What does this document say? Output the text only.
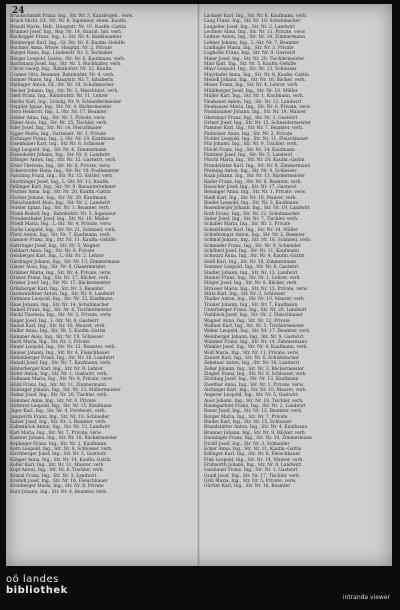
24

Bruckschmidt Franz, Ing., Str. Nr. 3, Kanzleigeh., verw.

Bruck Michl, Gf., Str. Nr. 8, Ingenieur, ehem. Kaufm.

Brandl Maria, Hsfr., Hauptstr. Nr. 10, Kaufm.-Gattin

Brunner Josef, Ing., Rsp. Nr. 14, Baurat, Ind. verh.

Buchegger Franz, Ing., L.-Str. Nr. 4, Bankbeamter

Bumberger Karl, Ing., Gr. Str. Nr. 6, Kaufm.-Gehilfe

Buchner Anna, Witwe, Hauptpl. Nr. 2, Private

Burger Hans, Ing., Lindenstr. Nr. 3, Techniker

Bürger Leopold, Gastw., Str. Nr. 6, Kaufmann, verh.

Bachmann Josef, Ing., Str. Nr. 5, Buchhalter, verh.

Christ Georg, Ing., Bahnhofstr. Nr. 22, Kaufm.

Cramer Otto, Beamter, Bahnhofstr. Nr. 4, verh.

Danner Marie, Ing., Hauptstr. Nr. 7, Inhaberin

Dallinger Anton, Gf., Str. Nr. 18, Schuhmacher

Decker Johann, Ing., Str. Nr. 2, Maschinist, verh.

Dietl Franz, Ing., Bahnhofstr. Nr. 11, Lehrer

Dorfer Karl, Ing., Schulg. Nr. 9, Schneidermeister

Doppler Ignaz, Ing., Str. Nr. 4, Bäckermeister

Dorn Heinrich, Ing., L.-Str. Nr. 17, Beamter

Dobler Anna, Ing., Str. Nr. 3, Private, verw.

Ebner Alois, Ing., Str. Nr. 25, Tischler, verh.

Eder Josef, Ing., Str. Nr. 14, Fleischhauer

Egger Maria, Ing., Gartenstr. Nr. 3, Private

Eichinger Franz, Ing., L.-Str. Nr. 19, Kaufmann

Eisenhuber Karl, Ing., Str. Nr. 8, Schlosser

Engl Leopold, Ing., Str. Nr. 4, Zimmermann

Enzenhofer Johann, Ing., Str. Nr. 8, Landwirt

Erlinger Anton, Ing., Str. Nr. 12, Gastwirt, verh.

Ernst Theresia, Ing., Str. Nr. 6, Private, verw.

Eckerstorfer Hans, Ing., Str. Nr. 10, Postbeamter

Fasching Franz, Ing., Str. Nr. 15, Sattler, verh.

Feichtinger Josef, Ing., L.-Str. Nr. 12, Kaufm.

Fellinger Karl, Ing., Str. Nr. 9, Bauunternehmer

Fischer Anna, Ing., Str. Nr. 20, Kaufm.-Gattin

Fischer Johann, Ing., Str. Nr. 20, Kaufmann

Fleischanderl Alois, Ing., Str. Nr. 2, Landwirt

Forster Ignaz, Ing., Str. Nr. 1, Beamter, verh.

Frank Rudolf, Ing., Bahnhofstr. Nr. 3, Ingenieur

Freudenthaler Josef, Ing., Str. Nr. 16, Müller

Friedl Maria, Ing., L.-Str. Nr. 4, Private, verw.

Fuchs Leopold, Ing., Str. Nr. 21, Schmied, verh.

Fürst Anton, Ing., Str. Nr. 7, Kaufmann, verh.

Gassner Franz, Ing., Str. Nr. 11, Kaufm.-Gehilfe

Gattringer Josef, Ing., Str. Nr. 5, Wagner

Gebhart Anna, Ing., Str. Nr. 6, Private

Geisberger Karl, Ing., L.-Str. Nr. 2, Lehrer

Gierlinger Johann, Ing., Str. Nr. 13, Zimmermann

Glaser Alois, Ing., Str. Nr. 8, Glasermeister

Grabner Maria, Ing., Str. Nr. 4, Private, verw.

Gruber Franz, Ing., Str. Nr. 17, Bäcker, verh.

Gruber Josef, Ing., Str. Nr. 17, Bäckermeister

Grünberger Karl, Ing., Str. Nr. 3, Beamter

Gschwandtner Anton, Ing., Str. Nr. 9, Landwirt

Gutmann Leopold, Ing., Str. Nr. 22, Kaufmann

Haas Johann, Ing., Str. Nr. 14, Schuhmacher

Haberl Franz, Ing., Str. Nr. 6, Tischlermeister

Hackl Theresia, Ing., Str. Nr. 2, Private, verw.

Hager Josef, Ing., L.-Str. Nr. 8, Gastwirt

Hainzl Karl, Ing., Str. Nr. 10, Maurer, verh.

Haller Anna, Ing., Str. Nr. 5, Kaufm.-Gattin

Hammer Alois, Ing., Str. Nr. 19, Schlosser

Hartl Maria, Ing., Str. Nr. 3, Private

Hauer Leopold, Ing., Str. Nr. 12, Beamter, verh.

Hauser Johann, Ing., Str. Nr. 4, Fleischhauer

Hehenberger Franz, Ing., Str. Nr. 16, Landwirt

Heindl Josef, Ing., Str. Nr. 7, Kaufmann, verh.

Hinterberger Karl, Ing., Str. Nr. 9, Lehrer

Hofer Anton, Ing., Str. Nr. 1, Gastwirt, verh.

Hofmann Maria, Ing., Str. Nr. 8, Private, verw.

Hölzl Franz, Ing., Str. Nr. 11, Zimmermann

Holzinger Johann, Ing., Str. Nr. 13, Müllermeister

Huber Josef, Ing., Str. Nr. 20, Tischler, verh.

Hummer Anna, Ing., Str. Nr. 6, Private

Hutterer Leopold, Ing., Str. Nr. 15, Kaufmann

Jäger Karl, Ing., Str. Nr. 4, Forstwart, verh.

Jungwirth Franz, Ing., Str. Nr. 10, Schneider

Kaiser Josef, Ing., Str. Nr. 3, Beamter, verh.

Kaltenböck Anton, Ing., Str. Nr. 12, Landwirt

Karl Maria, Ing., Str. Nr. 7, Private, verw.

Kastner Johann, Ing., Str. Nr. 18, Bäckermeister

Keplinger Franz, Ing., Str. Nr. 2, Kaufmann

Kern Leopold, Ing., Str. Nr. 9, Schlosser, verh.

Kirchberger Josef, Ing., Str. Nr. 5, Gastwirt

Klinger Anna, Ing., Str. Nr. 14, Kaufm.-Gattin

Koller Karl, Ing., Str. Nr. 11, Maurer, verh.

Kopf Anton, Ing., Str. Nr. 6, Tischler, verh.

Kranzl Franz, Ing., Str. Nr. 3, Landwirt

Kreindl Josef, Ing., Str. Nr. 16, Fleischhauer

Kronberger Maria, Ing., Str. Nr. 8, Private

Kurz Johann, Ing., Str. Nr. 4, Beamter, verh.

Lackner Karl, Ing., Str. Nr. 6, Kaufmann, verh.

Lang Franz, Ing., Str. Nr. 19, Schuhmacher

Langeder Josef, Ing., Str. Nr. 2, Landwirt

Lechner Anna, Ing., Str. Nr. 11, Private, verw.

Leitner Anton, Ing., Str. Nr. 14, Zimmermann

Lehner Johann, Ing., L.-Str. Nr. 7, Beamter

Lindinger Maria, Ing., Str. Nr. 3, Private

Lughofer Franz, Ing., Str. Nr. 9, Gastwirt

Maier Josef, Ing., Str. Nr. 20, Tischlermeister

Mair Karl, Ing., Str. Nr. 5, Kaufm.-Gehilfe

Mayr Leopold, Ing., Str. Nr. 13, Schlosser

Mayrhofer Anna, Ing., Str. Nr. 8, Kaufm.-Gattin

Meindl Johann, Ing., Str. Nr. 16, Bäcker, verh.

Moser Franz, Ing., Str. Nr. 4, Lehrer, verh.

Mühlberger Josef, Ing., Str. Nr. 10, Müller

Müller Karl, Ing., Str. Nr. 1, Kaufmann, verh.

Neubauer Anton, Ing., Str. Nr. 12, Landwirt

Neuhauser Maria, Ing., Str. Nr. 6, Private, verw.

Nussbaumer Johann, Ing., Str. Nr. 18, Maurer

Obermayr Franz, Ing., Str. Nr. 3, Gastwirt

Ortner Josef, Ing., Str. Nr. 15, Schneidermeister

Pammer Karl, Ing., Str. Nr. 7, Beamter, verh.

Panholzer Anna, Ing., Str. Nr. 2, Private

Pichler Leopold, Ing., Str. Nr. 11, Fleischhauer

Pilz Johann, Ing., Str. Nr. 9, Tischler, verh.

Plöchl Franz, Ing., Str. Nr. 14, Kaufmann

Pointner Josef, Ing., Str. Nr. 5, Landwirt

Pöschl Maria, Ing., Str. Nr. 20, Kaufm.-Gattin

Prandstätter Karl, Ing., Str. Nr. 8, Zimmermann

Preining Anton, Ing., Str. Nr. 4, Schlosser

Raab Johann, Ing., Str. Nr. 13, Bäckermeister

Rader Franz, Ing., Str. Nr. 6, Beamter, verh.

Rauscher Josef, Ing., Str. Nr. 17, Gastwirt

Reisinger Anna, Ing., Str. Nr. 1, Private, verw.

Riedl Karl, Ing., Str. Nr. 10, Maurer, verh.

Rieder Leopold, Ing., Str. Nr. 3, Kaufmann

Rosenberger Johann, Ing., Str. Nr. 19, Landwirt

Roth Franz, Ing., Str. Nr. 12, Schuhmacher

Sailer Josef, Ing., Str. Nr. 7, Tischler, verh.

Schaller Maria, Ing., Str. Nr. 5, Private

Scheiblhofer Karl, Ing., Str. Nr. 14, Müller

Schiefermayr Anton, Ing., Str. Nr. 2, Beamter

Schmid Johann, Ing., Str. Nr. 16, Schmied, verh.

Schneider Franz, Ing., Str. Nr. 9, Schneider

Schöberl Josef, Ing., Str. Nr. 11, Kaufmann

Schwarz Anna, Ing., Str. Nr. 4, Kaufm.-Gattin

Seidl Karl, Ing., Str. Nr. 18, Zimmermann

Sommer Leopold, Ing., Str. Nr. 6, Gastwirt

Stadler Johann, Ing., Str. Nr. 13, Landwirt

Steiner Franz, Ing., Str. Nr. 1, Lehrer, verh.

Stöger Josef, Ing., Str. Nr. 8, Bäcker, verh.

Strasser Maria, Ing., Str. Nr. 15, Private, verw.

Stütz Karl, Ing., Str. Nr. 3, Schlosser

Thaller Anton, Ing., Str. Nr. 10, Maurer, verh.

Traxler Johann, Ing., Str. Nr. 7, Kaufmann

Unterberger Franz, Ing., Str. Nr. 20, Landwirt

Viehböck Josef, Ing., Str. Nr. 2, Fleischhauer

Wagner Anna, Ing., Str. Nr. 12, Private

Wallner Karl, Ing., Str. Nr. 5, Tischlermeister

Weber Leopold, Ing., Str. Nr. 17, Beamter, verh.

Weinberger Johann, Ing., Str. Nr. 9, Gastwirt

Wimmer Franz, Ing., Str. Nr. 14, Zimmermann

Winkler Josef, Ing., Str. Nr. 4, Kaufmann, verh.

Wolf Maria, Ing., Str. Nr. 11, Private, verw.

Zauner Karl, Ing., Str. Nr. 6, Schuhmacher

Zehetner Anton, Ing., Str. Nr. 16, Landwirt

Zeller Johann, Ing., Str. Nr. 3, Bäckermeister

Ziegler Franz, Ing., Str. Nr. 8, Schlosser, verh.

Zöchling Josef, Ing., Str. Nr. 13, Kaufmann

Zwettler Anna, Ing., Str. Nr. 1, Private, verw.

Aichinger Karl, Ing., Str. Nr. 10, Maurer, verh.

Angerer Leopold, Ing., Str. Nr. 5, Gastwirt

Auer Johann, Ing., Str. Nr. 18, Tischler, verh.

Baumgartner Franz, Ing., Str. Nr. 2, Landwirt

Bauer Josef, Ing., Str. Nr. 12, Beamter, verh.

Berger Maria, Ing., Str. Nr. 7, Private

Binder Karl, Ing., Str. Nr. 15, Schlosser

Brandstätter Anton, Ing., Str. Nr. 4, Kaufmann

Brunner Johann, Ing., Str. Nr. 9, Bäcker, verh.

Danninger Franz, Ing., Str. Nr. 19, Zimmermann

Dichtl Josef, Ing., Str. Nr. 3, Schneider

Ecker Anna, Ing., Str. Nr. 11, Kaufm.-Gattin

Edlinger Karl, Ing., Str. Nr. 6, Fleischhauer

Fink Leopold, Ing., Str. Nr. 14, Maurer, verh.

Frühwirth Johann, Ing., Str. Nr. 8, Landwirt

Gaisbauer Franz, Ing., Str. Nr. 1, Gastwirt

Gradl Josef, Ing., Str. Nr. 17, Tischler, verh.

Grill Maria, Ing., Str. Nr. 5, Private, verw.

Gürtler Karl, Ing., Str. Nr. 10, Beamter

oö landes
bibliothek
intranda viewer
